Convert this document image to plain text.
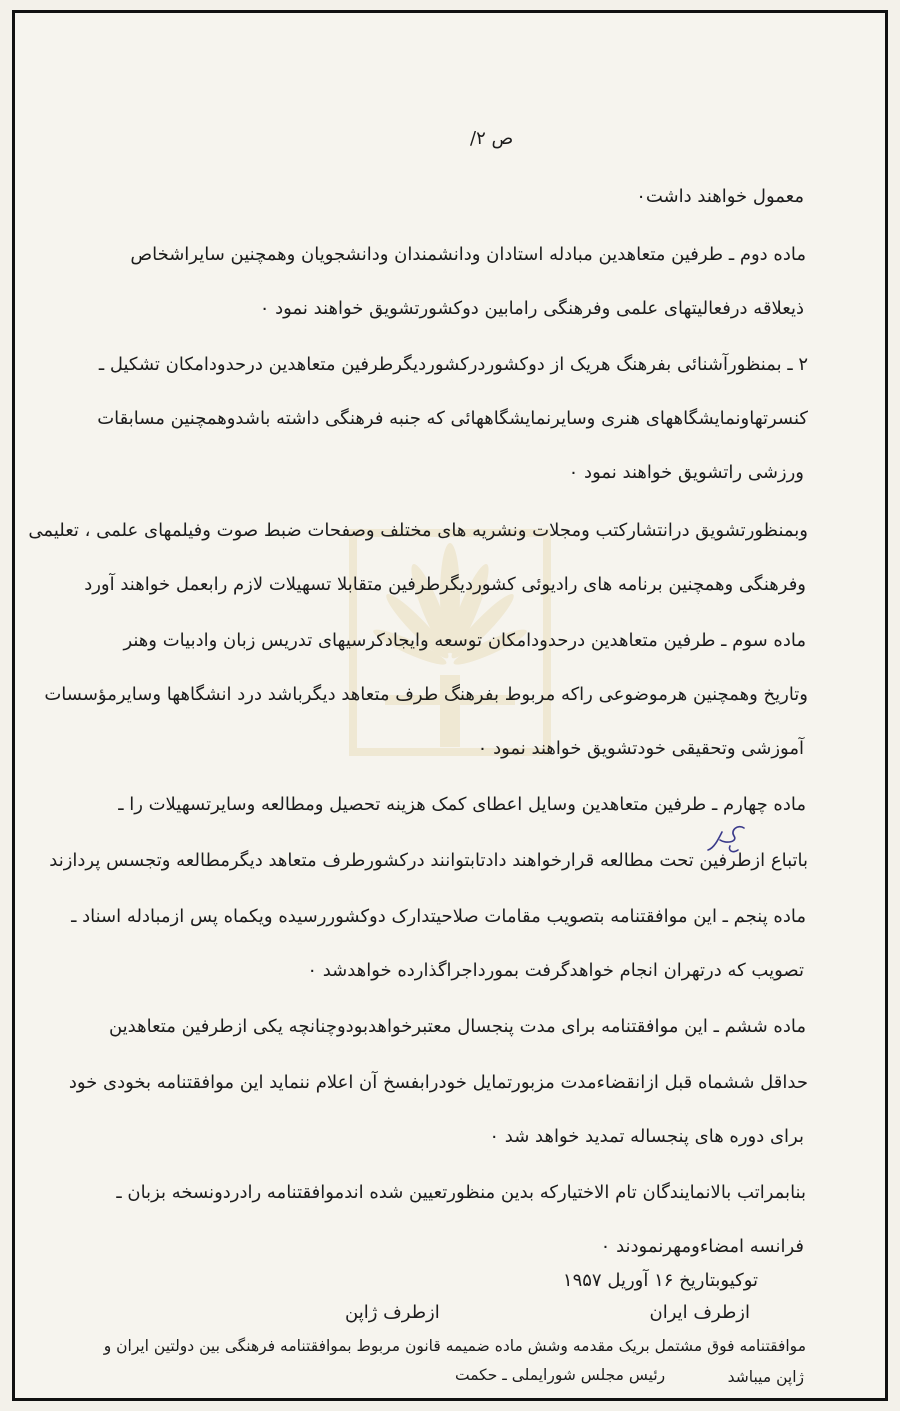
ص ۲/
معمول خواهند داشت٠
ماده دوم ـ طرفین متعاهدین مبادله استادان ودانشمندان ودانشجویان وهمچنین سایراشخاص
ذیعلاقه درفعالیتهای علمی وفرهنگی رامابین دوکشورتشویق خواهند نمود ٠
۲ ـ بمنظورآشنائی بفرهنگ هریک از دوکشوردرکشوردیگرطرفین متعاهدین درحدودامکان تشکیل ـ
کنسرتهاونمایشگاههای هنری وسایرنمایشگاههائی که جنبه فرهنگی داشته باشدوهمچنین مسابقات
ورزشی راتشویق خواهند نمود ٠
وبمنظورتشویق درانتشارکتب ومجلات ونشریه های مختلف وصفحات ضبط صوت وفیلمهای علمی ، تعلیمی
وفرهنگی وهمچنین برنامه های رادیوئی کشوردیگرطرفین متقابلا تسهیلات لازم رابعمل خواهند آورد
ماده سوم ـ طرفین متعاهدین درحدودامکان توسعه وایجادکرسیهای تدریس زبان وادبیات وهنر
وتاریخ وهمچنین هرموضوعی راکه مربوط بفرهنگ طرف متعاهد دیگرباشد درد انشگاهها وسایرمؤسسات
آموزشی وتحقیقی خودتشویق خواهند نمود ٠
ماده چهارم ـ طرفین متعاهدین وسایل اعطای کمک هزینه تحصیل ومطالعه وسایرتسهیلات را ـ
باتباع ازطرفین تحت مطالعه قرارخواهند دادتابتوانند درکشورطرف متعاهد دیگرمطالعه وتجسس پردازند
ماده پنجم ـ این موافقتنامه بتصویب مقامات صلاحیتدارک دوکشوررسیده ویکماه پس ازمبادله اسناد ـ
تصویب که درتهران انجام خواهدگرفت بمورداجراگذارده خواهدشد ٠
ماده ششم ـ این موافقتنامه برای مدت پنجسال معتبرخواهدبودوچنانچه یکی ازطرفین متعاهدین
حداقل ششماه قبل ازانقضاءمدت مزبورتمایل خودرابفسخ آن اعلام ننماید این موافقتنامه بخودی خود
برای دوره های پنجساله تمدید خواهد شد ٠
بنابمراتب بالانمایندگان تام الاختیارکه بدین منظورتعیین شده اندموافقتنامه رادردونسخه بزبان ـ
فرانسه امضاءومهرنمودند ٠
توکیوبتاریخ ۱۶ آوریل ۱۹۵۷
ازطرف ژاپن	ازطرف ایران
موافقتنامه فوق مشتمل بریک مقدمه وشش ماده ضمیمه قانون مربوط بموافقتنامه فرهنگی بین دولتین ایران و
ژاپن میباشد
رئیس مجلس شورایملی ـ حکمت
